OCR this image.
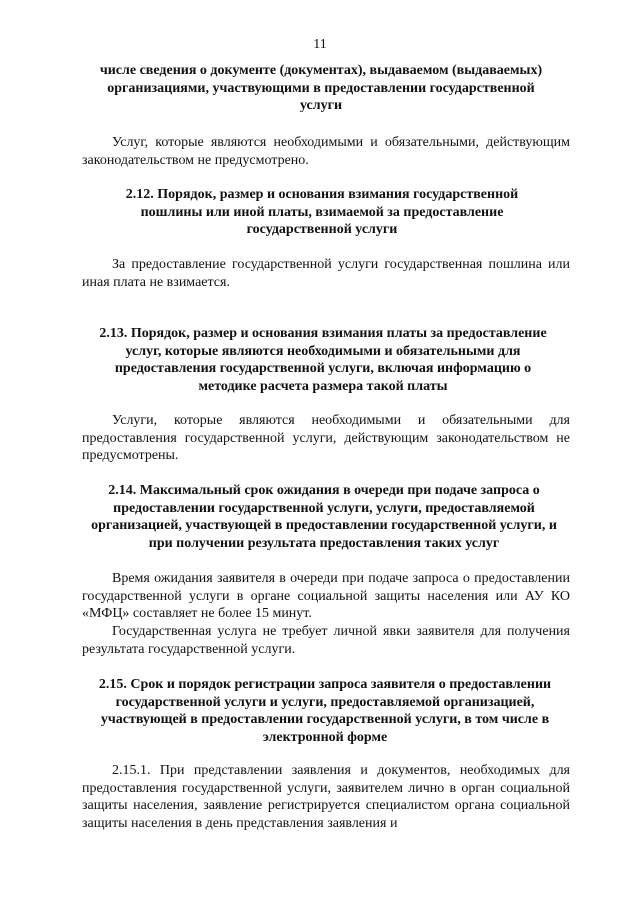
11
числе сведения о документе (документах), выдаваемом (выдаваемых) организациями, участвующими в предоставлении государственной услуги
Услуг, которые являются необходимыми и обязательными, действующим законодательством не предусмотрено.
2.12. Порядок, размер и основания взимания государственной пошлины или иной платы, взимаемой за предоставление государственной услуги
За предоставление государственной услуги государственная пошлина или иная плата не взимается.
2.13. Порядок, размер и основания взимания платы за предоставление услуг, которые являются необходимыми и обязательными для предоставления государственной услуги, включая информацию о методике расчета размера такой платы
Услуги, которые являются необходимыми и обязательными для предоставления государственной услуги, действующим законодательством не предусмотрены.
2.14. Максимальный срок ожидания в очереди при подаче запроса о предоставлении государственной услуги, услуги, предоставляемой организацией, участвующей в предоставлении государственной услуги, и при получении результата предоставления таких услуг
Время ожидания заявителя в очереди при подаче запроса о предоставлении государственной услуги в органе социальной защиты населения или АУ КО «МФЦ» составляет не более 15 минут.
Государственная услуга не требует личной явки заявителя для получения результата государственной услуги.
2.15. Срок и порядок регистрации запроса заявителя о предоставлении государственной услуги и услуги, предоставляемой организацией, участвующей в предоставлении государственной услуги, в том числе в электронной форме
2.15.1. При представлении заявления и документов, необходимых для предоставления государственной услуги, заявителем лично в орган социальной защиты населения, заявление регистрируется специалистом органа социальной защиты населения в день представления заявления и
